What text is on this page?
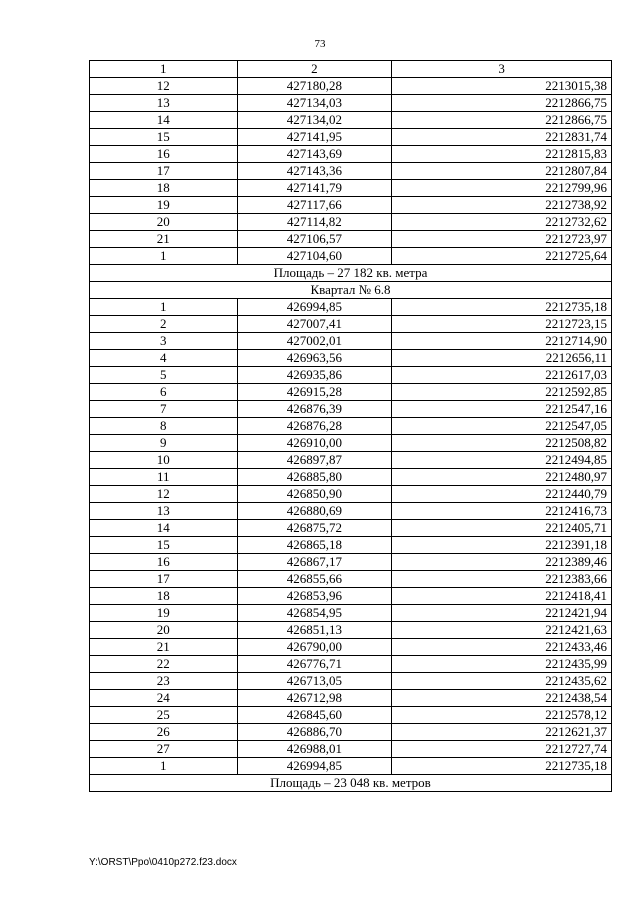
73
1	2	3
12	427180,28	2213015,38
13	427134,03	2212866,75
14	427134,02	2212866,75
15	427141,95	2212831,74
16	427143,69	2212815,83
17	427143,36	2212807,84
18	427141,79	2212799,96
19	427117,66	2212738,92
20	427114,82	2212732,62
21	427106,57	2212723,97
1	427104,60	2212725,64
Площадь – 27 182 кв. метра		
Квартал № 6.8		
1	426994,85	2212735,18
2	427007,41	2212723,15
3	427002,01	2212714,90
4	426963,56	2212656,11
5	426935,86	2212617,03
6	426915,28	2212592,85
7	426876,39	2212547,16
8	426876,28	2212547,05
9	426910,00	2212508,82
10	426897,87	2212494,85
11	426885,80	2212480,97
12	426850,90	2212440,79
13	426880,69	2212416,73
14	426875,72	2212405,71
15	426865,18	2212391,18
16	426867,17	2212389,46
17	426855,66	2212383,66
18	426853,96	2212418,41
19	426854,95	2212421,94
20	426851,13	2212421,63
21	426790,00	2212433,46
22	426776,71	2212435,99
23	426713,05	2212435,62
24	426712,98	2212438,54
25	426845,60	2212578,12
26	426886,70	2212621,37
27	426988,01	2212727,74
1	426994,85	2212735,18
Площадь – 23 048 кв. метров		
Y:\ORST\Ppo\0410p272.f23.docx
